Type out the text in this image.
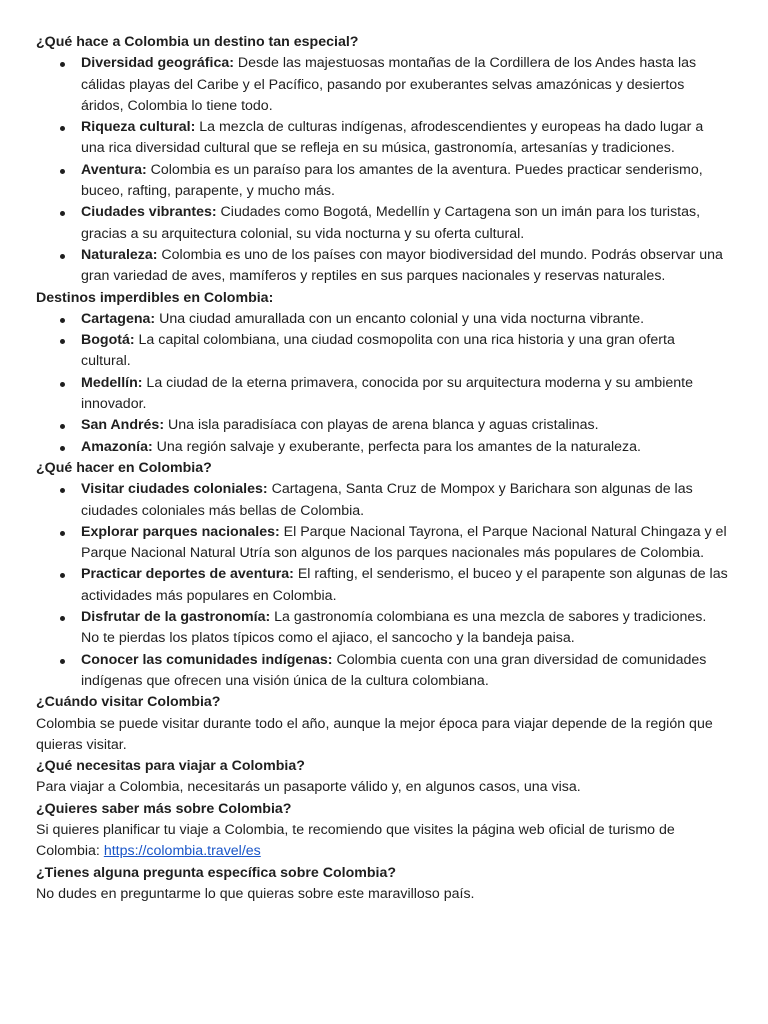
¿Qué hace a Colombia un destino tan especial?

Diversidad geográfica: Desde las majestuosas montañas de la Cordillera de los Andes hasta las cálidas playas del Caribe y el Pacífico, pasando por exuberantes selvas amazónicas y desiertos áridos, Colombia lo tiene todo.
Riqueza cultural: La mezcla de culturas indígenas, afrodescendientes y europeas ha dado lugar a una rica diversidad cultural que se refleja en su música, gastronomía, artesanías y tradiciones.
Aventura: Colombia es un paraíso para los amantes de la aventura. Puedes practicar senderismo, buceo, rafting, parapente, y mucho más.
Ciudades vibrantes: Ciudades como Bogotá, Medellín y Cartagena son un imán para los turistas, gracias a su arquitectura colonial, su vida nocturna y su oferta cultural.
Naturaleza: Colombia es uno de los países con mayor biodiversidad del mundo. Podrás observar una gran variedad de aves, mamíferos y reptiles en sus parques nacionales y reservas naturales.

Destinos imperdibles en Colombia:

Cartagena: Una ciudad amurallada con un encanto colonial y una vida nocturna vibrante.
Bogotá: La capital colombiana, una ciudad cosmopolita con una rica historia y una gran oferta cultural.
Medellín: La ciudad de la eterna primavera, conocida por su arquitectura moderna y su ambiente innovador.
San Andrés: Una isla paradisíaca con playas de arena blanca y aguas cristalinas.
Amazonía: Una región salvaje y exuberante, perfecta para los amantes de la naturaleza.

¿Qué hacer en Colombia?

Visitar ciudades coloniales: Cartagena, Santa Cruz de Mompox y Barichara son algunas de las ciudades coloniales más bellas de Colombia.
Explorar parques nacionales: El Parque Nacional Tayrona, el Parque Nacional Natural Chingaza y el Parque Nacional Natural Utría son algunos de los parques nacionales más populares de Colombia.
Practicar deportes de aventura: El rafting, el senderismo, el buceo y el parapente son algunas de las actividades más populares en Colombia.
Disfrutar de la gastronomía: La gastronomía colombiana es una mezcla de sabores y tradiciones. No te pierdas los platos típicos como el ajiaco, el sancocho y la bandeja paisa.
Conocer las comunidades indígenas: Colombia cuenta con una gran diversidad de comunidades indígenas que ofrecen una visión única de la cultura colombiana.

¿Cuándo visitar Colombia?

Colombia se puede visitar durante todo el año, aunque la mejor época para viajar depende de la región que quieras visitar.

¿Qué necesitas para viajar a Colombia?

Para viajar a Colombia, necesitarás un pasaporte válido y, en algunos casos, una visa.

¿Quieres saber más sobre Colombia?

Si quieres planificar tu viaje a Colombia, te recomiendo que visites la página web oficial de turismo de Colombia: https://colombia.travel/es

¿Tienes alguna pregunta específica sobre Colombia?

No dudes en preguntarme lo que quieras sobre este maravilloso país.
